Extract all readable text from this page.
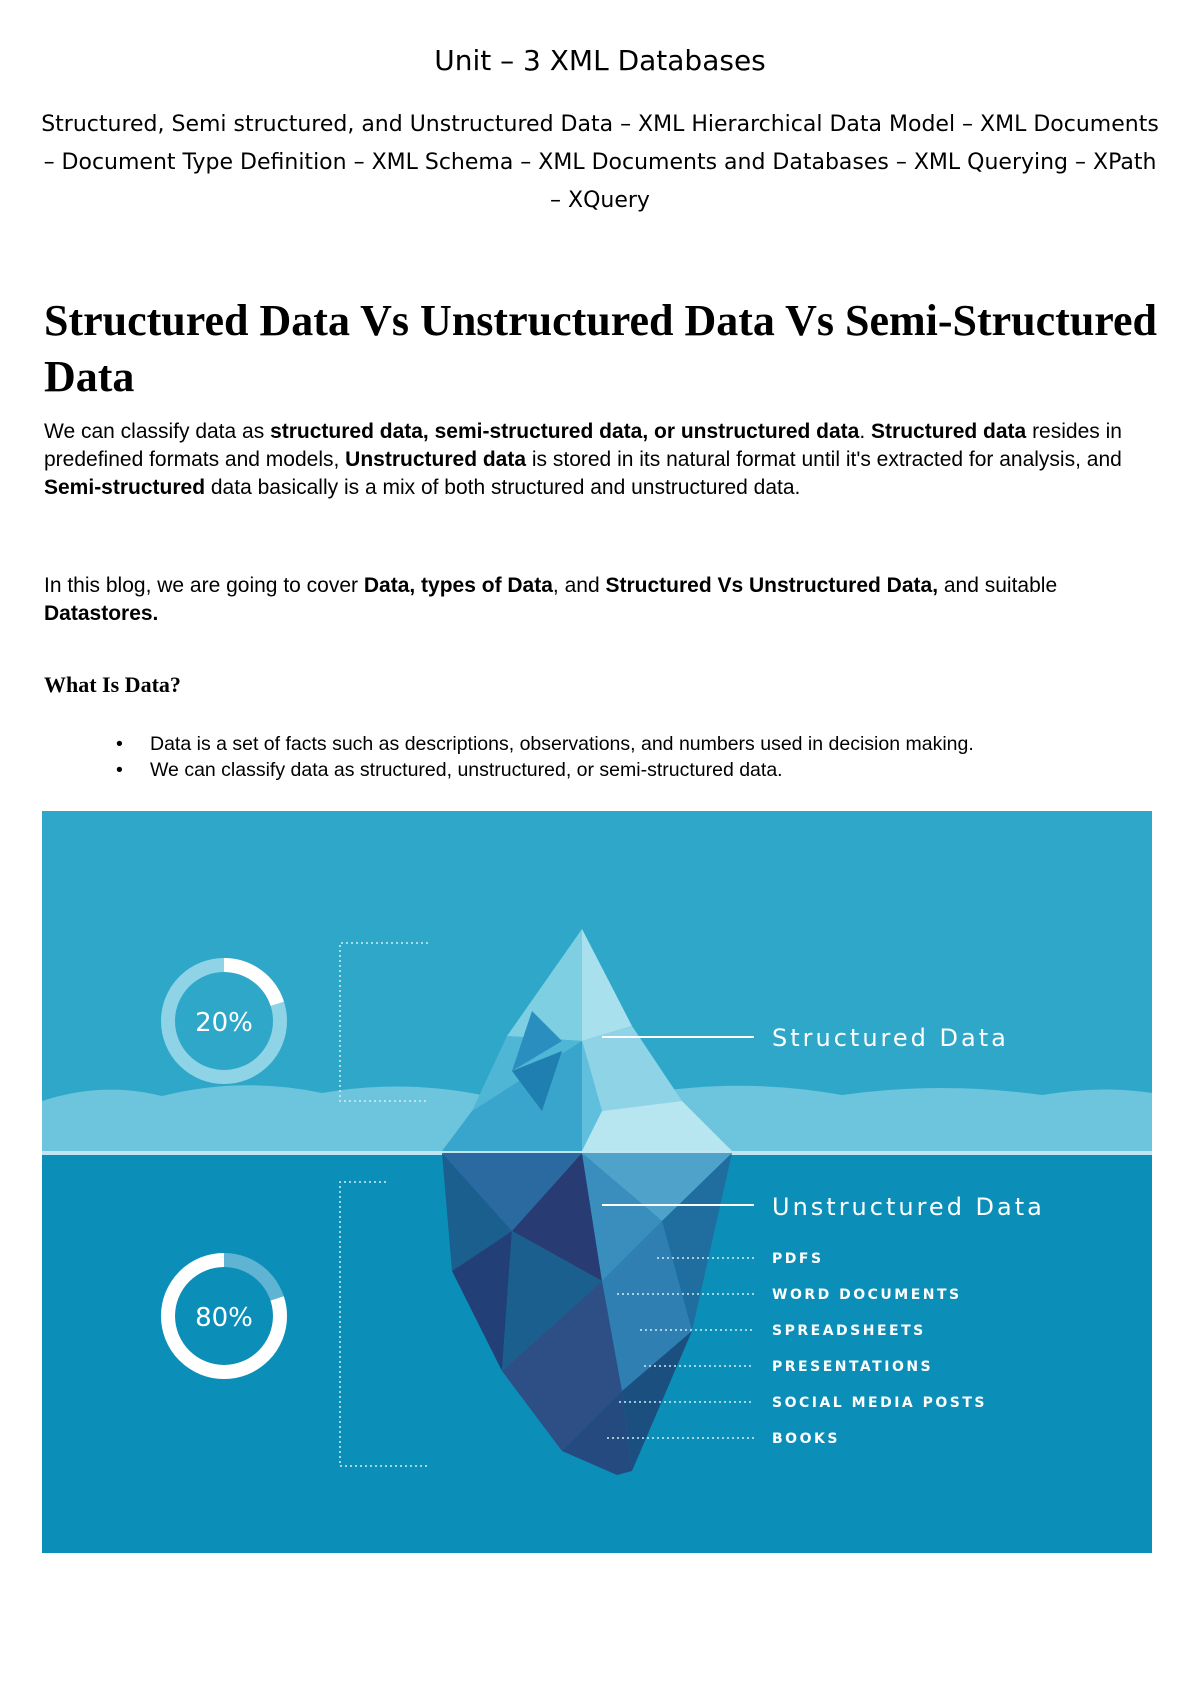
Unit – 3 XML Databases
Structured, Semi structured, and Unstructured Data – XML Hierarchical Data Model – XML Documents – Document Type Definition – XML Schema – XML Documents and Databases – XML Querying – XPath – XQuery
Structured Data Vs Unstructured Data Vs Semi-Structured Data

We can classify data as structured data, semi-structured data, or unstructured data. Structured data resides in predefined formats and models, Unstructured data is stored in its natural format until it's extracted for analysis, and Semi-structured data basically is a mix of both structured and unstructured data.

In this blog, we are going to cover Data, types of Data, and Structured Vs Unstructured Data, and suitable Datastores.

What Is Data?
• Data is a set of facts such as descriptions, observations, and numbers used in decision making.
• We can classify data as structured, unstructured, or semi-structured data.
20%
80%
Structured Data
Unstructured Data
PDFS
WORD DOCUMENTS
SPREADSHEETS
PRESENTATIONS
SOCIAL MEDIA POSTS
BOOKS
